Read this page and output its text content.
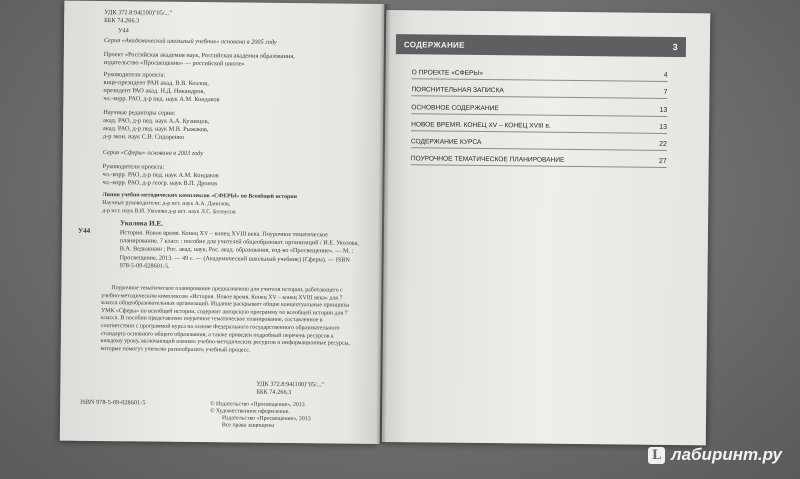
УДК 372.8:94(100)"05/..."
ББК 74.266.3
У44
Серия «Академический школьный учебник» основана в 2005 году
Проект «Российская академия наук, Российская академия образования,
издательство «Просвещение» — российской школе»
Руководители проекта:
вице-президент РАН акад. В.В. Козлов,
президент РАО акад. Н.Д. Никандров,
чл.-корр. РАО, д-р пед. наук А.М. Кондаков
Научные редакторы серии:
акад. РАО, д-р пед. наук А.А. Кузнецов,
акад. РАО, д-р пед. наук М.В. Рыжаков,
д-р экон. наук С.В. Сидоренко
Серия «Сферы» основана в 2003 году
Руководители проекта:
чл.-корр. РАО, д-р пед. наук А.М. Кондаков
чл.-корр. РАО, д-р геогр. наук В.П. Дронов
Линия учебно-методических комплексов «СФЕРЫ» по Всеобщей истории
Научные руководители: д-р ист. наук А.А. Данилов,
д-р ист. наук В.И. Уколова д-р ист. наук Л.С. Белоусов
У44
Уколова И.Е.
История. Новое время. Конец XV – конец XVIII века. Поурочное тематическое планирование. 7 класс : пособие для учителей общеобразоват. организаций / И.Е. Уколова, В.А. Ведюшкин ; Рос. акад. наук, Рос. акад. образования, изд-во «Просвещение». — М. : Просвещение, 2013. — 49 с. — (Академический школьный учебник) (Сферы). — ISBN 978-5-09-028601-5.
Поурочное тематическое планирование предназначено для учителя истории, работающего с учебно-методическим комплексом «История. Новое время. Конец XV – конец XVIII века» для 7 класса общеобразовательных организаций. Издание раскрывает общие концептуальные принципы УМК «Сферы» по всеобщей истории, содержит авторскую программу по всеобщей истории для 7 класса. В пособии представлено поурочное тематическое планирование, составленное в соответствии с программой курса на основе Федерального государственного образовательного стандарта основного общего образования, а также приведен подробный перечень ресурсов к каждому уроку, включающий помимо учебно-методических ресурсов и информационные ресурсы, которые помогут учителю разнообразить учебный процесс.
УДК 372.8:94(100)"05/..."
ББК 74.266.3
ISBN 978-5-09-028601-5	© Издательство «Просвещение», 2013
© Художественное оформление.
Издательство «Просвещение», 2013
Все права защищены
СОДЕРЖАНИЕ	3
О ПРОЕКТЕ «СФЕРЫ»	4
ПОЯСНИТЕЛЬНАЯ ЗАПИСКА	7
ОСНОВНОЕ СОДЕРЖАНИЕ	13
НОВОЕ ВРЕМЯ. КОНЕЦ XV – КОНЕЦ XVIII в.	13
СОДЕРЖАНИЕ КУРСА	22
ПОУРОЧНОЕ ТЕМАТИЧЕСКОЕ ПЛАНИРОВАНИЕ	27
L лабиринт.ру
